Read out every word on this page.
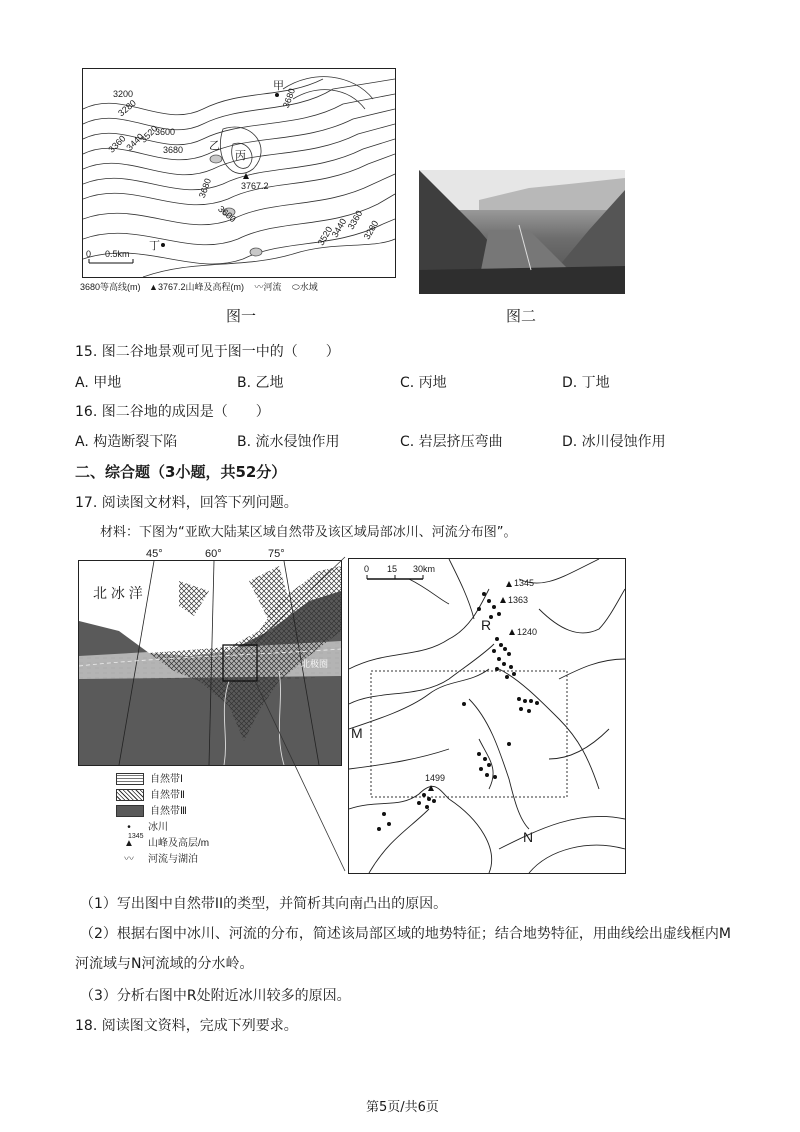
3200
3280
3360
3440
3520
3600
3680
3680
3680
3600
3520
3440
3360
3280
甲
乙
丙
丁
3767.2
0 0.5km
3680等高线(m) ▲3767.2山峰及高程(m) 〰河流 ⬭水域
图一	图二
15. 图二谷地景观可见于图一中的（　　）
A. 甲地	B. 乙地	C. 丙地	D. 丁地
16. 图二谷地的成因是（　　）
A. 构造断裂下陷	B. 流水侵蚀作用	C. 岩层挤压弯曲	D. 冰川侵蚀作用
二、综合题（3小题，共52分）
17. 阅读图文材料，回答下列问题。
材料：下图为“亚欧大陆某区域自然带及该区域局部冰川、河流分布图”。
北 冰 洋
北极圈
45°	60°	75°
自然带Ⅰ
自然带Ⅱ
自然带Ⅲ
• 冰川
▲ 山峰及高层/m
1345
〰 河流与湖泊
0 15 30km
1345
1363
1240
1499
R
M
N
（1）写出图中自然带II的类型，并简析其向南凸出的原因。
（2）根据右图中冰川、河流的分布，简述该局部区域的地势特征；结合地势特征，用曲线绘出虚线框内M
河流域与N河流域的分水岭。
（3）分析右图中R处附近冰川较多的原因。
18. 阅读图文资料，完成下列要求。
第5页/共6页
